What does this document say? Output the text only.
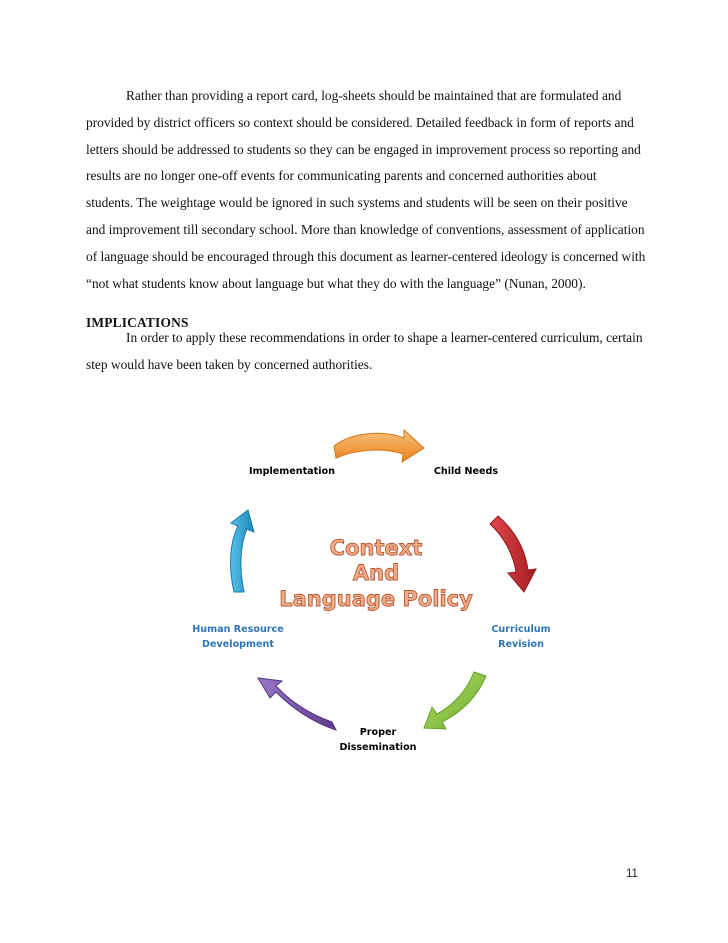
Rather than providing a report card, log-sheets should be maintained that are formulated and provided by district officers so context should be considered. Detailed feedback in form of reports and letters should be addressed to students so they can be engaged in improvement process so reporting and results are no longer one-off events for communicating parents and concerned authorities about students. The weightage would be ignored in such systems and students will be seen on their positive and improvement till secondary school. More than knowledge of conventions, assessment of application of language should be encouraged through this document as learner-centered ideology is concerned with “not what students know about language but what they do with the language” (Nunan, 2000).
IMPLICATIONS
In order to apply these recommendations in order to shape a learner-centered curriculum, certain step would have been taken by concerned authorities.
Implementation	Child Needs
Curriculum
Revision
Human Resource
Development
Proper
Dissemination
Context
And
Language Policy
11
